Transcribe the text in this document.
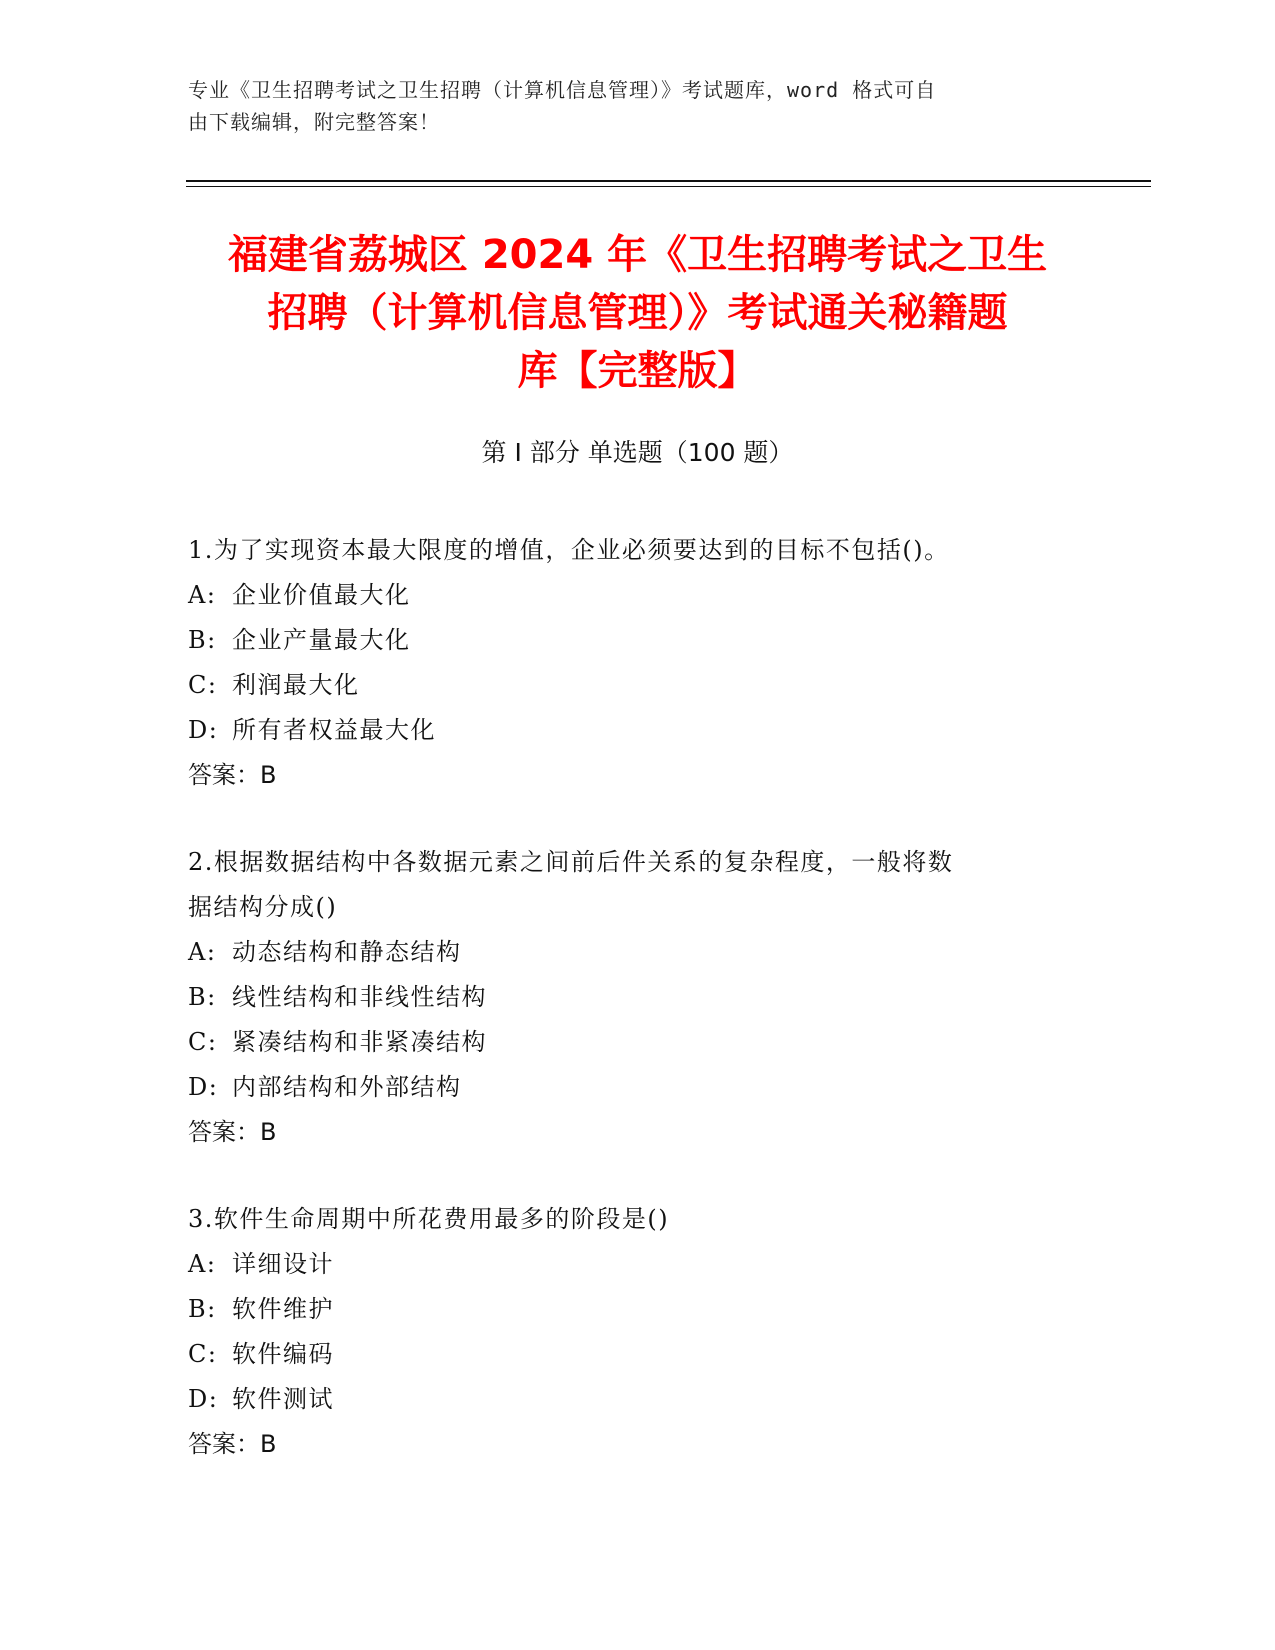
专业《卫生招聘考试之卫生招聘（计算机信息管理）》考试题库，word 格式可自
由下载编辑，附完整答案！
福建省荔城区 2024 年《卫生招聘考试之卫生
招聘（计算机信息管理）》考试通关秘籍题
库【完整版】
第 I 部分 单选题（100 题）
1.为了实现资本最大限度的增值，企业必须要达到的目标不包括()。
A: 企业价值最大化
B: 企业产量最大化
C: 利润最大化
D: 所有者权益最大化
答案：B
2.根据数据结构中各数据元素之间前后件关系的复杂程度，一般将数
据结构分成()
A: 动态结构和静态结构
B: 线性结构和非线性结构
C: 紧凑结构和非紧凑结构
D: 内部结构和外部结构
答案：B
3.软件生命周期中所花费用最多的阶段是()
A: 详细设计
B: 软件维护
C: 软件编码
D: 软件测试
答案：B
